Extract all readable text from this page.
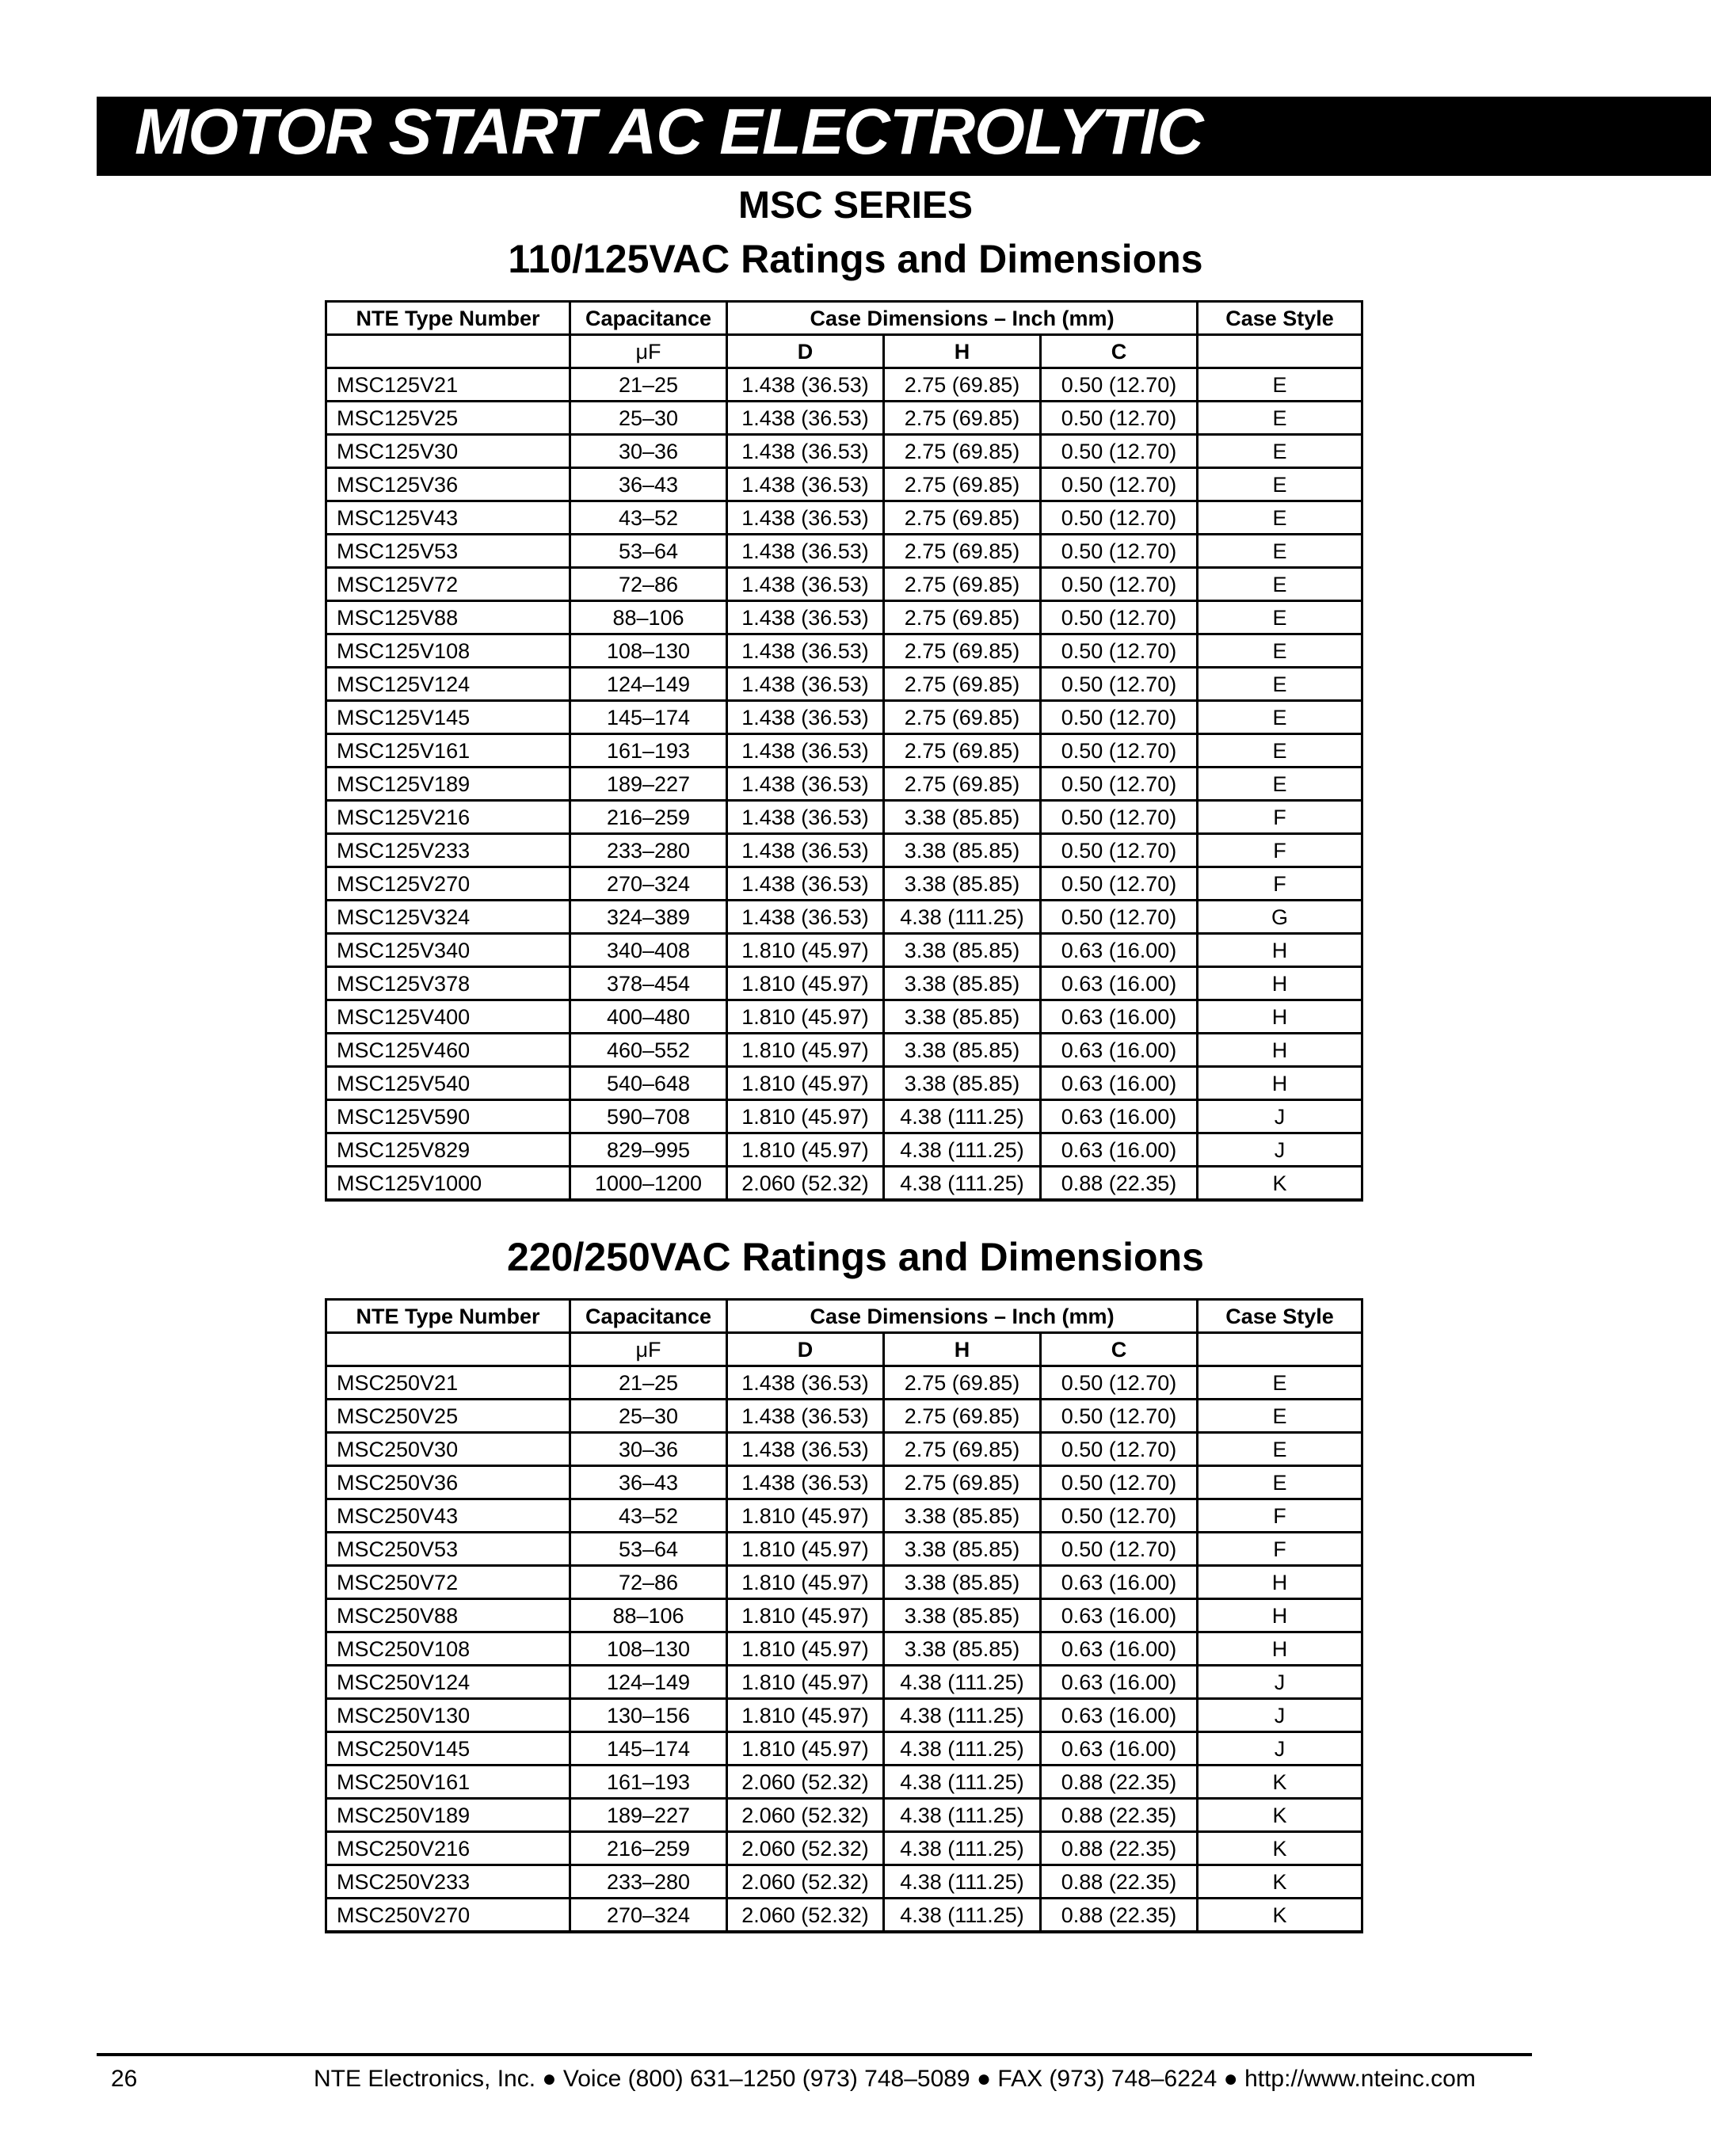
MOTOR START AC ELECTROLYTIC
MSC SERIES
110/125VAC Ratings and Dimensions
NTE Type Number	Capacitance	Case Dimensions – Inch (mm)			Case Style
	μF	D	H	C	
MSC125V21	21–25	1.438 (36.53)	2.75 (69.85)	0.50 (12.70)	E
MSC125V25	25–30	1.438 (36.53)	2.75 (69.85)	0.50 (12.70)	E
MSC125V30	30–36	1.438 (36.53)	2.75 (69.85)	0.50 (12.70)	E
MSC125V36	36–43	1.438 (36.53)	2.75 (69.85)	0.50 (12.70)	E
MSC125V43	43–52	1.438 (36.53)	2.75 (69.85)	0.50 (12.70)	E
MSC125V53	53–64	1.438 (36.53)	2.75 (69.85)	0.50 (12.70)	E
MSC125V72	72–86	1.438 (36.53)	2.75 (69.85)	0.50 (12.70)	E
MSC125V88	88–106	1.438 (36.53)	2.75 (69.85)	0.50 (12.70)	E
MSC125V108	108–130	1.438 (36.53)	2.75 (69.85)	0.50 (12.70)	E
MSC125V124	124–149	1.438 (36.53)	2.75 (69.85)	0.50 (12.70)	E
MSC125V145	145–174	1.438 (36.53)	2.75 (69.85)	0.50 (12.70)	E
MSC125V161	161–193	1.438 (36.53)	2.75 (69.85)	0.50 (12.70)	E
MSC125V189	189–227	1.438 (36.53)	2.75 (69.85)	0.50 (12.70)	E
MSC125V216	216–259	1.438 (36.53)	3.38 (85.85)	0.50 (12.70)	F
MSC125V233	233–280	1.438 (36.53)	3.38 (85.85)	0.50 (12.70)	F
MSC125V270	270–324	1.438 (36.53)	3.38 (85.85)	0.50 (12.70)	F
MSC125V324	324–389	1.438 (36.53)	4.38 (111.25)	0.50 (12.70)	G
MSC125V340	340–408	1.810 (45.97)	3.38 (85.85)	0.63 (16.00)	H
MSC125V378	378–454	1.810 (45.97)	3.38 (85.85)	0.63 (16.00)	H
MSC125V400	400–480	1.810 (45.97)	3.38 (85.85)	0.63 (16.00)	H
MSC125V460	460–552	1.810 (45.97)	3.38 (85.85)	0.63 (16.00)	H
MSC125V540	540–648	1.810 (45.97)	3.38 (85.85)	0.63 (16.00)	H
MSC125V590	590–708	1.810 (45.97)	4.38 (111.25)	0.63 (16.00)	J
MSC125V829	829–995	1.810 (45.97)	4.38 (111.25)	0.63 (16.00)	J
MSC125V1000	1000–1200	2.060 (52.32)	4.38 (111.25)	0.88 (22.35)	K
220/250VAC Ratings and Dimensions
NTE Type Number	Capacitance	Case Dimensions – Inch (mm)			Case Style
	μF	D	H	C	
MSC250V21	21–25	1.438 (36.53)	2.75 (69.85)	0.50 (12.70)	E
MSC250V25	25–30	1.438 (36.53)	2.75 (69.85)	0.50 (12.70)	E
MSC250V30	30–36	1.438 (36.53)	2.75 (69.85)	0.50 (12.70)	E
MSC250V36	36–43	1.438 (36.53)	2.75 (69.85)	0.50 (12.70)	E
MSC250V43	43–52	1.810 (45.97)	3.38 (85.85)	0.50 (12.70)	F
MSC250V53	53–64	1.810 (45.97)	3.38 (85.85)	0.50 (12.70)	F
MSC250V72	72–86	1.810 (45.97)	3.38 (85.85)	0.63 (16.00)	H
MSC250V88	88–106	1.810 (45.97)	3.38 (85.85)	0.63 (16.00)	H
MSC250V108	108–130	1.810 (45.97)	3.38 (85.85)	0.63 (16.00)	H
MSC250V124	124–149	1.810 (45.97)	4.38 (111.25)	0.63 (16.00)	J
MSC250V130	130–156	1.810 (45.97)	4.38 (111.25)	0.63 (16.00)	J
MSC250V145	145–174	1.810 (45.97)	4.38 (111.25)	0.63 (16.00)	J
MSC250V161	161–193	2.060 (52.32)	4.38 (111.25)	0.88 (22.35)	K
MSC250V189	189–227	2.060 (52.32)	4.38 (111.25)	0.88 (22.35)	K
MSC250V216	216–259	2.060 (52.32)	4.38 (111.25)	0.88 (22.35)	K
MSC250V233	233–280	2.060 (52.32)	4.38 (111.25)	0.88 (22.35)	K
MSC250V270	270–324	2.060 (52.32)	4.38 (111.25)	0.88 (22.35)	K
26	NTE Electronics, Inc. ● Voice (800) 631–1250 (973) 748–5089 ● FAX (973) 748–6224 ● http://www.nteinc.com
